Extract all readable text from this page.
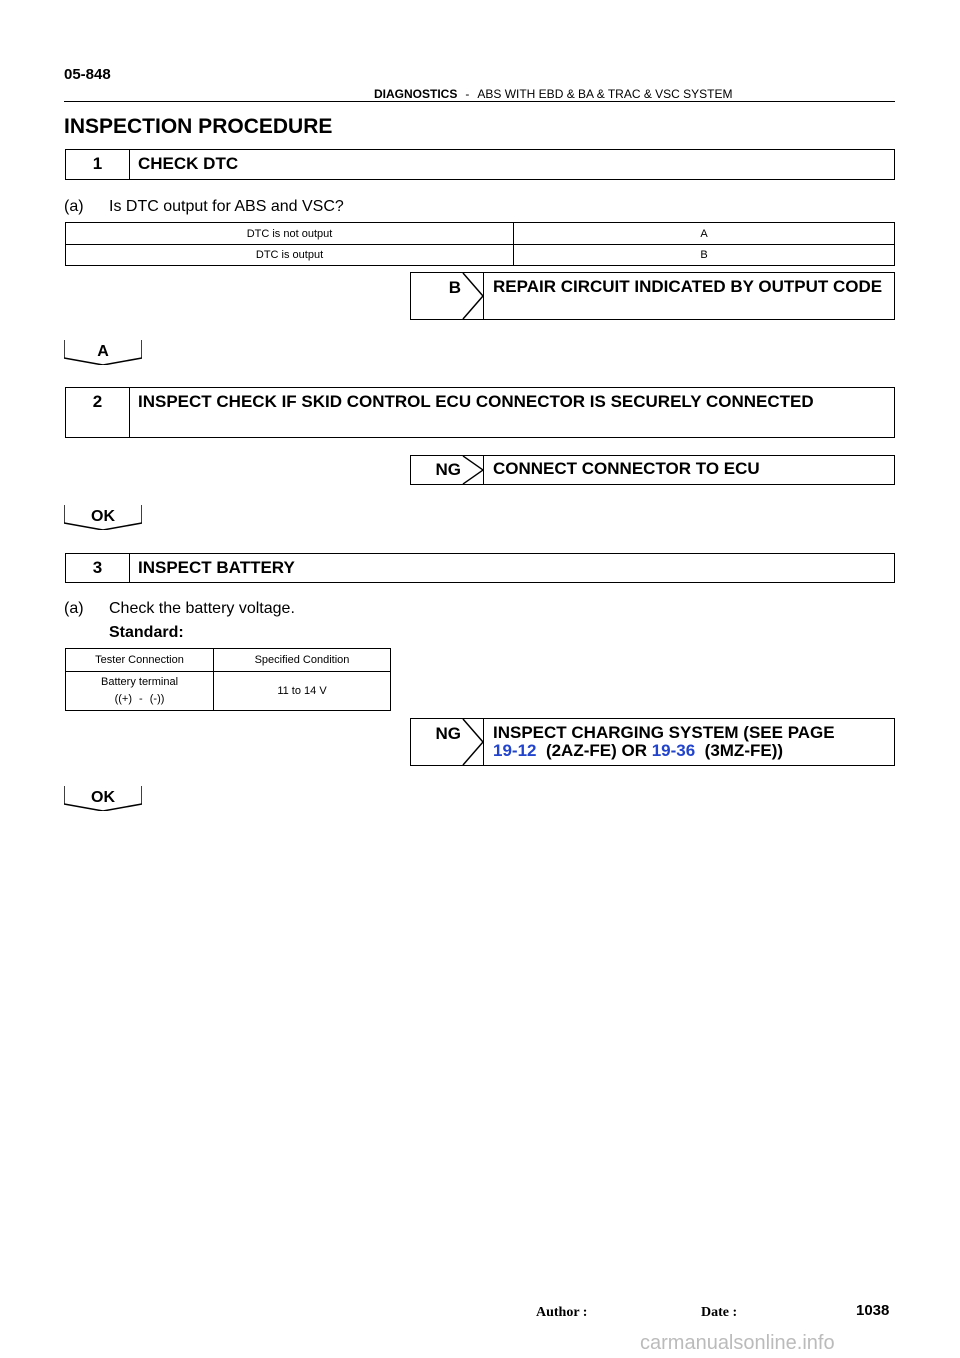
05-848
DIAGNOSTICS - ABS WITH EBD & BA & TRAC & VSC SYSTEM
INSPECTION PROCEDURE
1	CHECK DTC
(a) Is DTC output for ABS and VSC?
DTC is not output	A
DTC is output	B
B REPAIR CIRCUIT INDICATED BY OUTPUT CODE
A
2	INSPECT CHECK IF SKID CONTROL ECU CONNECTOR IS SECURELY CONNECTED
NG CONNECT CONNECTOR TO ECU
OK
3	INSPECT BATTERY
(a) Check the battery voltage.
Standard:
Tester Connection	Specified Condition

Battery terminal
((+) - (-))	11 to 14 V
NG INSPECT CHARGING SYSTEM (SEE PAGE
19-12 (2AZ-FE) OR 19-36 (3MZ-FE))
OK
Author :	Date :	1038
carmanualsonline.info
